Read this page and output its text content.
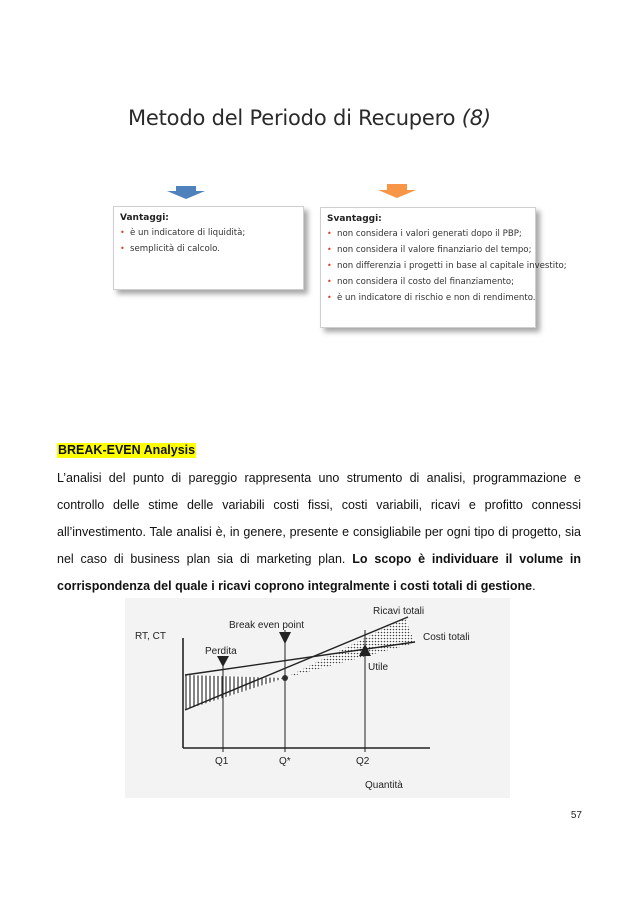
Metodo del Periodo di Recupero (8)
Vantaggi:
• è un indicatore di liquidità;
• semplicità di calcolo.
Svantaggi:
• non considera i valori generati dopo il PBP;
• non considera il valore finanziario del tempo;
• non differenzia i progetti in base al capitale investito;
• non considera il costo del finanziamento;
• è un indicatore di rischio e non di rendimento.
BREAK-EVEN Analysis
L’analisi del punto di pareggio rappresenta uno strumento di analisi, programmazione e controllo delle stime delle variabili costi fissi, costi variabili, ricavi e profitto connessi all’investimento. Tale analisi è, in genere, presente e consigliabile per ogni tipo di progetto, sia nel caso di business plan sia di marketing plan. Lo scopo è individuare il volume in corrispondenza del quale i ricavi coprono integralmente i costi totali di gestione.
RT, CT
Break even point
Ricavi totali
Costi totali
Perdita
Utile
Q1	Q*	Q2
Quantità
57
